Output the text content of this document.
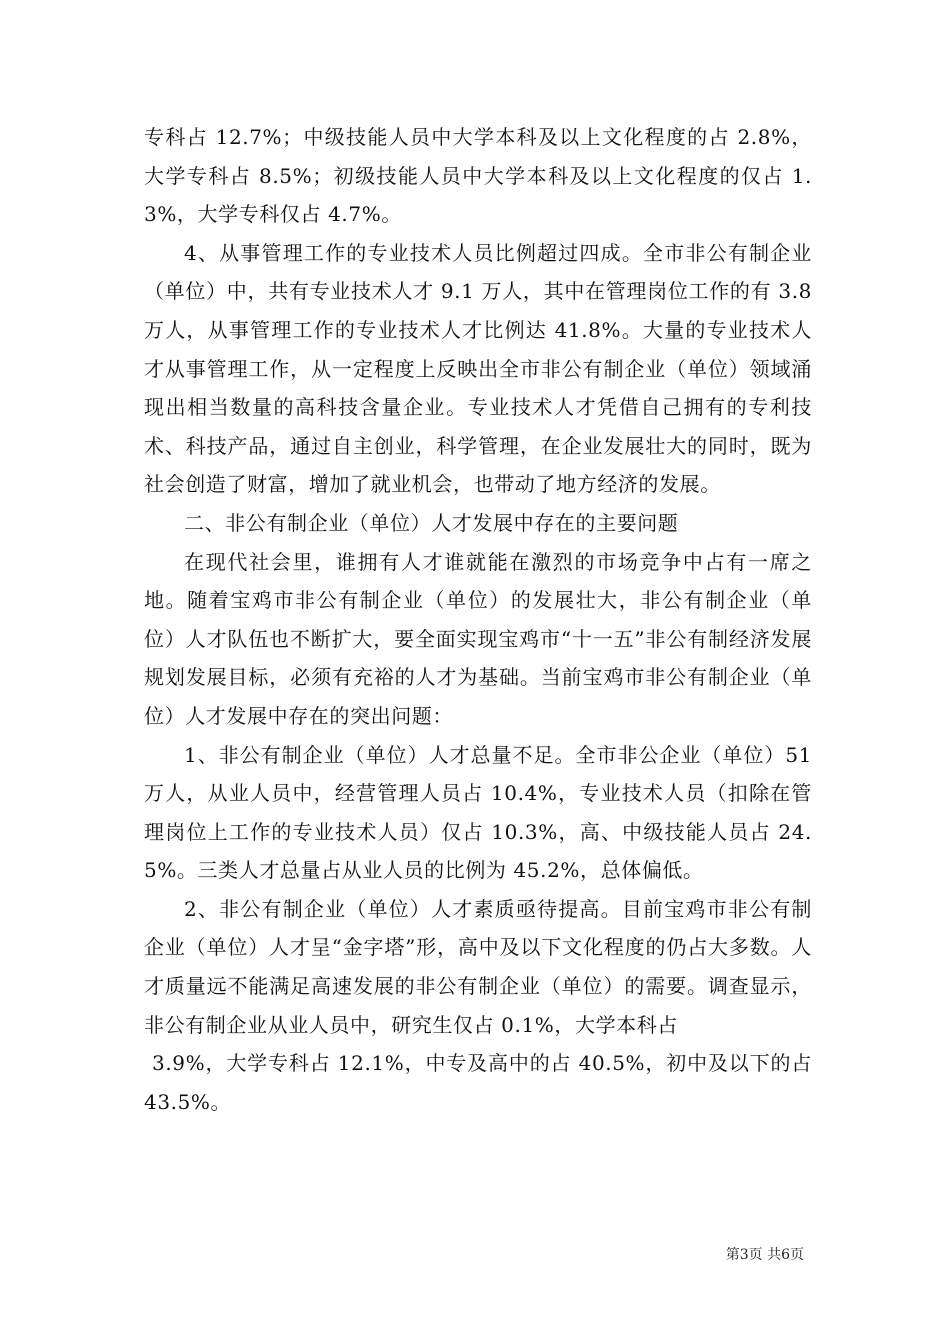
专科占 12.7%；中级技能人员中大学本科及以上文化程度的占 2.8%，大学专科占 8.5%；初级技能人员中大学本科及以上文化程度的仅占 1.3%，大学专科仅占 4.7%。

4、从事管理工作的专业技术人员比例超过四成。全市非公有制企业（单位）中，共有专业技术人才 9.1 万人，其中在管理岗位工作的有 3.8 万人，从事管理工作的专业技术人才比例达 41.8%。大量的专业技术人才从事管理工作，从一定程度上反映出全市非公有制企业（单位）领域涌现出相当数量的高科技含量企业。专业技术人才凭借自己拥有的专利技术、科技产品，通过自主创业，科学管理，在企业发展壮大的同时，既为社会创造了财富，增加了就业机会，也带动了地方经济的发展。

二、非公有制企业（单位）人才发展中存在的主要问题

在现代社会里，谁拥有人才谁就能在激烈的市场竞争中占有一席之地。随着宝鸡市非公有制企业（单位）的发展壮大，非公有制企业（单位）人才队伍也不断扩大，要全面实现宝鸡市“十一五”非公有制经济发展规划发展目标，必须有充裕的人才为基础。当前宝鸡市非公有制企业（单位）人才发展中存在的突出问题：

1、非公有制企业（单位）人才总量不足。全市非公企业（单位）51 万人，从业人员中，经营管理人员占 10.4%，专业技术人员（扣除在管理岗位上工作的专业技术人员）仅占 10.3%，高、中级技能人员占 24.5%。三类人才总量占从业人员的比例为 45.2%，总体偏低。

2、非公有制企业（单位）人才素质亟待提高。目前宝鸡市非公有制企业（单位）人才呈“金字塔”形，高中及以下文化程度的仍占大多数。人才质量远不能满足高速发展的非公有制企业（单位）的需要。调查显示，非公有制企业从业人员中，研究生仅占 0.1%，大学本科占

3.9%，大学专科占 12.1%，中专及高中的占 40.5%，初中及以下的占 43.5%。

第3页 共6页
